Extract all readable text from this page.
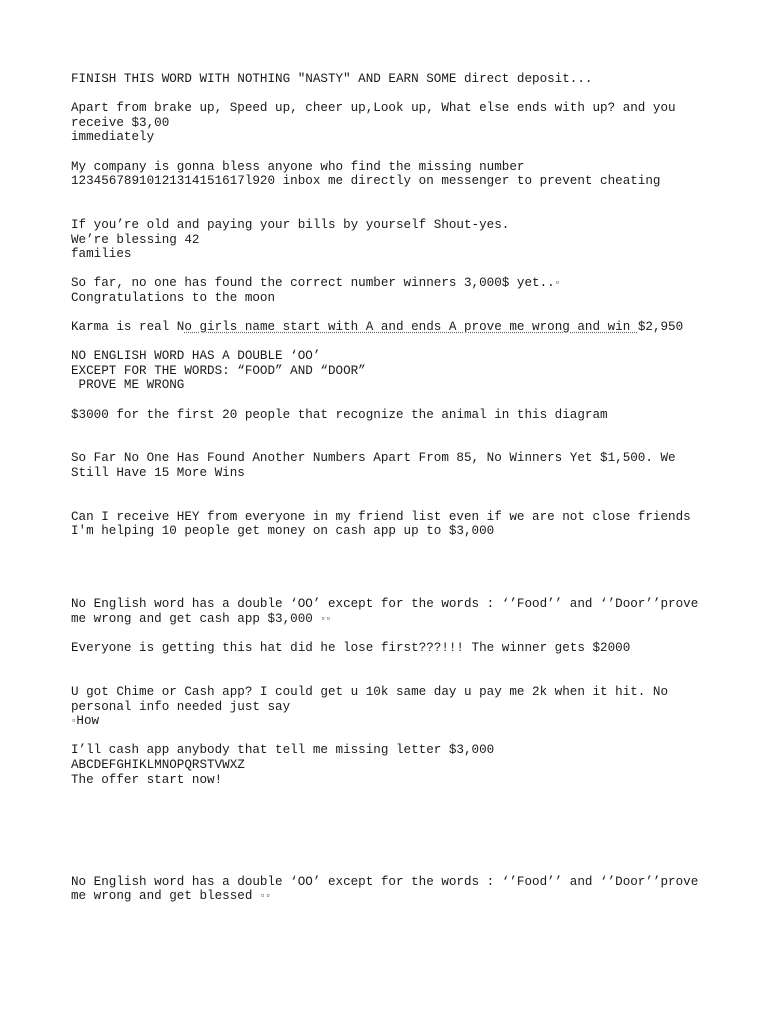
FINISH THIS WORD WITH NOTHING "NASTY" AND EARN SOME direct deposit...
Apart from brake up, Speed up, cheer up,Look up, What else ends with up? and you
receive $3,00
immediately
My company is gonna bless anyone who find the missing number
12345678910121314151617l920 inbox me directly on messenger to prevent cheating
If you’re old and paying your bills by yourself Shout-yes.
We’re blessing 42
families
So far, no one has found the correct number winners 3,000$ yet..▫
Congratulations to the moon
Karma is real No girls name start with A and ends A prove me wrong and win $2,950
NO ENGLISH WORD HAS A DOUBLE ‘OO’
EXCEPT FOR THE WORDS: “FOOD” AND “DOOR”
PROVE ME WRONG
$3000 for the first 20 people that recognize the animal in this diagram
So Far No One Has Found Another Numbers Apart From 85, No Winners Yet $1,500. We
Still Have 15 More Wins
Can I receive HEY from everyone in my friend list even if we are not close friends
I'm helping 10 people get money on cash app up to $3,000
No English word has a double ‘OO’ except for the words : ‘’Food’’ and ‘’Door’’prove
me wrong and get cash app $3,000 ▫▫
Everyone is getting this hat did he lose first???!!! The winner gets $2000
U got Chime or Cash app? I could get u 10k same day u pay me 2k when it hit. No
personal info needed just say
▫How
I’ll cash app anybody that tell me missing letter $3,000
ABCDEFGHIKLMNOPQRSTVWXZ
The offer start now!
No English word has a double ‘OO’ except for the words : ‘’Food’’ and ‘’Door’’prove
me wrong and get blessed ▫▫
